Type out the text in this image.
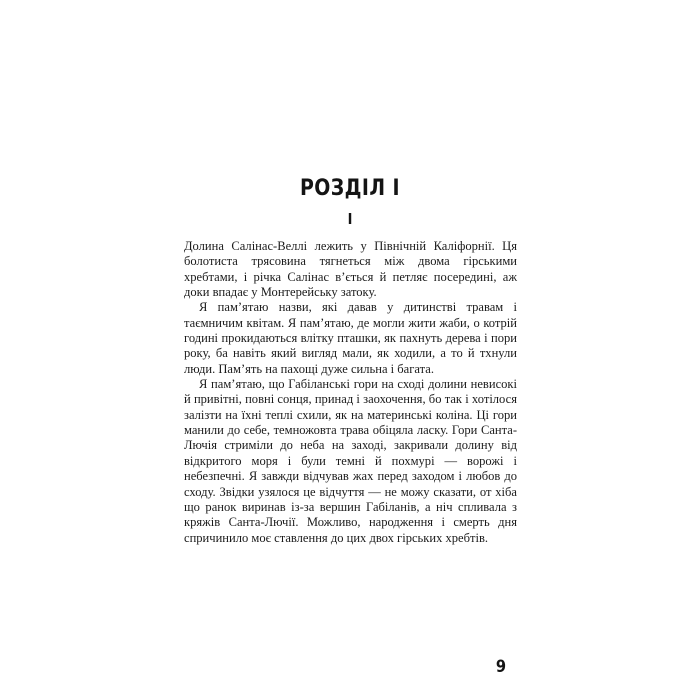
РОЗДІЛ І
І

Долина Салінас-Веллі лежить у Північній Каліфорнії. Ця болотиста трясовина тягнеться між двома гірськими хребтами, і річка Салінас в’ється й петляє посередині, аж доки впадає у Монтерейську затоку.

Я пам’ятаю назви, які давав у дитинстві травам і таємничим квітам. Я пам’ятаю, де могли жити жаби, о котрій годині прокидаються влітку пташки, як пахнуть дерева і пори року, ба навіть який вигляд мали, як ходили, а то й тхнули люди. Пам’ять на пахощі дуже сильна і багата.

Я пам’ятаю, що Габіланські гори на сході долини невисокі й привітні, повні сонця, принад і заохочення, бо так і хотілося залізти на їхні теплі схили, як на материнські коліна. Ці гори манили до себе, темножовта трава обіцяла ласку. Гори Санта-Лючія стриміли до неба на заході, закривали долину від відкритого моря і були темні й похмурі — ворожі і небезпечні. Я завжди відчував жах перед заходом і любов до сходу. Звідки узялося це відчуття — не можу сказати, от хіба що ранок виринав із-за вершин Габіланів, а ніч спливала з кряжів Санта-Лючії. Можливо, народження і смерть дня спричинило моє ставлення до цих двох гірських хребтів.

9
